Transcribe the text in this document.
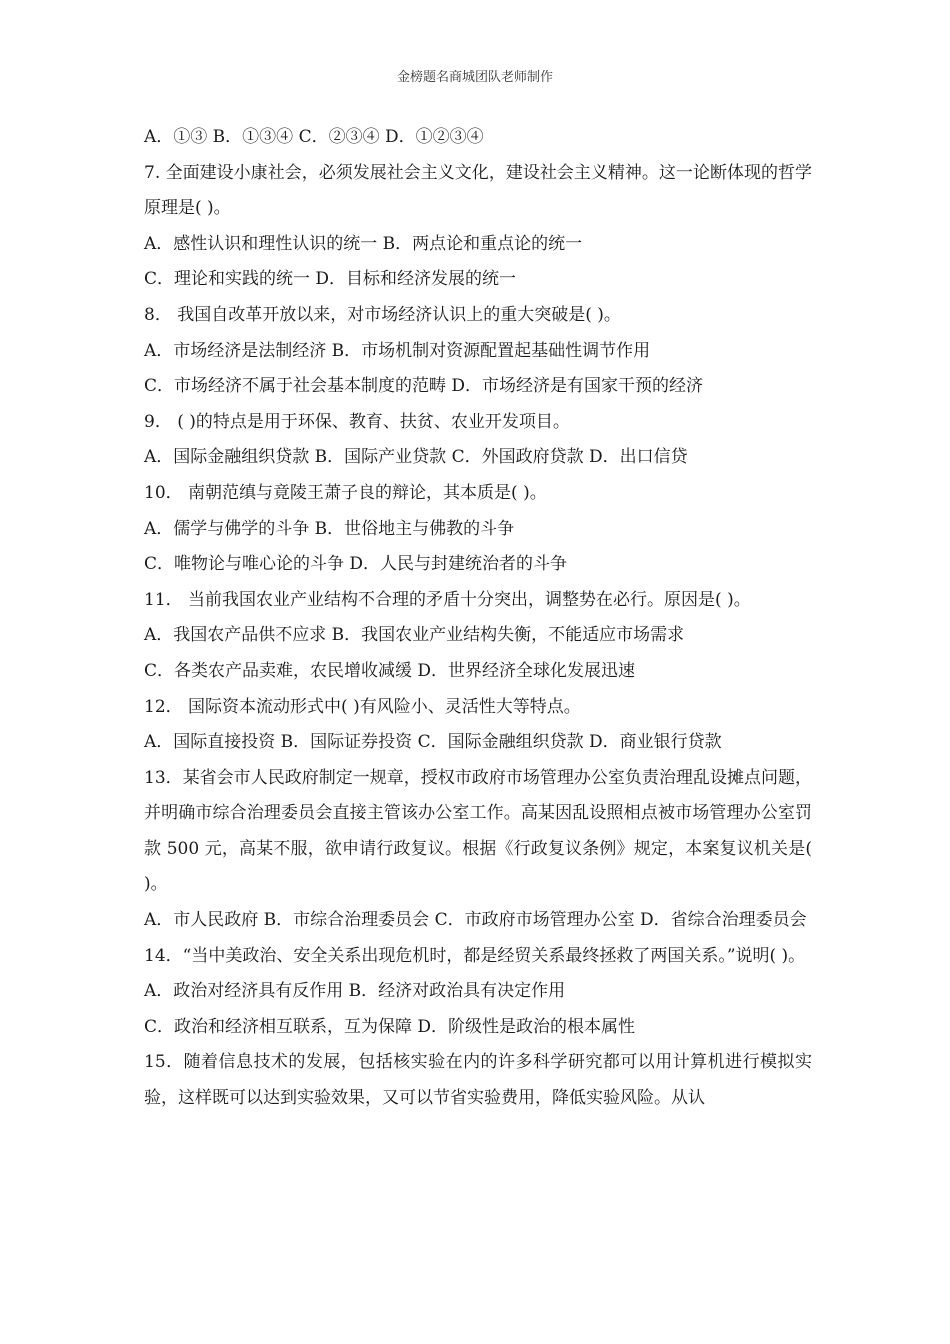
金榜题名商城团队老师制作

A．①③ B．①③④ C．②③④ D．①②③④

7. 全面建设小康社会，必须发展社会主义文化，建设社会主义精神。这一论断体现的哲学原理是( )。

A．感性认识和理性认识的统一 B．两点论和重点论的统一

C．理论和实践的统一 D．目标和经济发展的统一

8． 我国自改革开放以来，对市场经济认识上的重大突破是( )。

A．市场经济是法制经济 B．市场机制对资源配置起基础性调节作用

C．市场经济不属于社会基本制度的范畴 D．市场经济是有国家干预的经济

9． ( )的特点是用于环保、教育、扶贫、农业开发项目。

A．国际金融组织贷款 B．国际产业贷款 C．外国政府贷款 D．出口信贷

10． 南朝范缜与竟陵王萧子良的辩论，其本质是( )。

A．儒学与佛学的斗争 B．世俗地主与佛教的斗争

C．唯物论与唯心论的斗争 D．人民与封建统治者的斗争

11． 当前我国农业产业结构不合理的矛盾十分突出，调整势在必行。原因是( )。

A．我国农产品供不应求 B．我国农业产业结构失衡，不能适应市场需求

C．各类农产品卖难，农民增收减缓 D．世界经济全球化发展迅速

12． 国际资本流动形式中( )有风险小、灵活性大等特点。

A．国际直接投资 B．国际证券投资 C．国际金融组织贷款 D．商业银行贷款

13．某省会市人民政府制定一规章，授权市政府市场管理办公室负责治理乱设摊点问题，并明确市综合治理委员会直接主管该办公室工作。高某因乱设照相点被市场管理办公室罚款 500 元，高某不服，欲申请行政复议。根据《行政复议条例》规定，本案复议机关是( )。

A．市人民政府 B．市综合治理委员会 C．市政府市场管理办公室 D．省综合治理委员会

14．“当中美政治、安全关系出现危机时，都是经贸关系最终拯救了两国关系。”说明( )。

A．政治对经济具有反作用 B．经济对政治具有决定作用

C．政治和经济相互联系，互为保障 D．阶级性是政治的根本属性

15．随着信息技术的发展，包括核实验在内的许多科学研究都可以用计算机进行模拟实验，这样既可以达到实验效果，又可以节省实验费用，降低实验风险。从认
